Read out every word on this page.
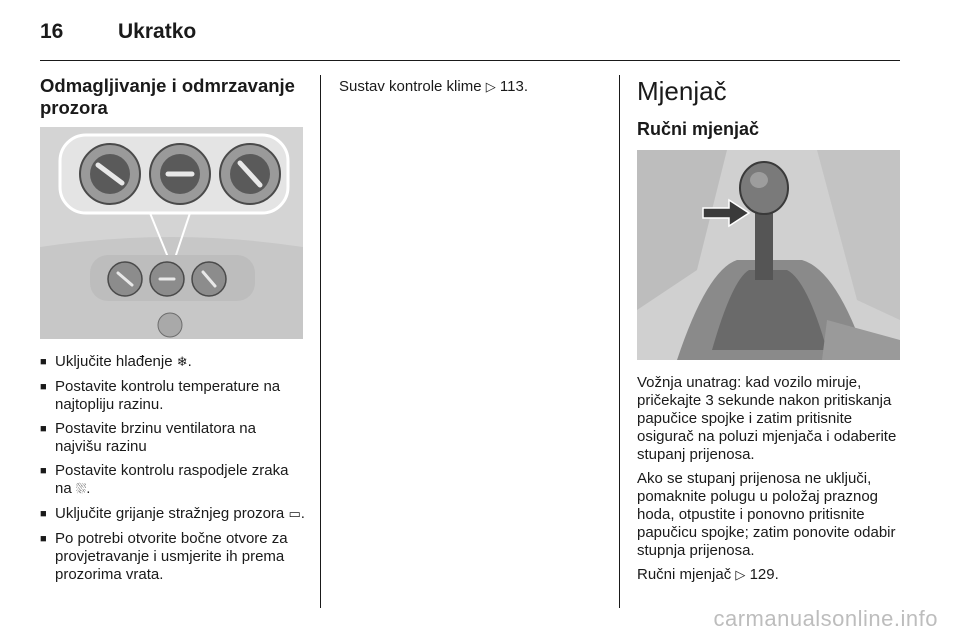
16	Ukratko
Odmagljivanje i odmrzavanje prozora
■ Uključite hlađenje ❄.
■ Postavite kontrolu temperature na najtopliju razinu.
■ Postavite brzinu ventilatora na najvišu razinu
■ Postavite kontrolu raspodjele zraka na ⛆.
■ Uključite grijanje stražnjeg prozora ▭.
■ Po potrebi otvorite bočne otvore za provjetravanje i usmjerite ih prema prozorima vrata.

Sustav kontrole klime ▷ 113.	Mjenjač
Ručni mjenjač

Vožnja unatrag: kad vozilo miruje, pričekajte 3 sekunde nakon pritiskanja papučice spojke i zatim pritisnite osigurač na poluzi mjenjača i odaberite stupanj prijenosa.

Ako se stupanj prijenosa ne uključi, pomaknite polugu u položaj praznog hoda, otpustite i ponovno pritisnite papučicu spojke; zatim ponovite odabir stupnja prijenosa.

Ručni mjenjač ▷ 129.

carmanualsonline.info
